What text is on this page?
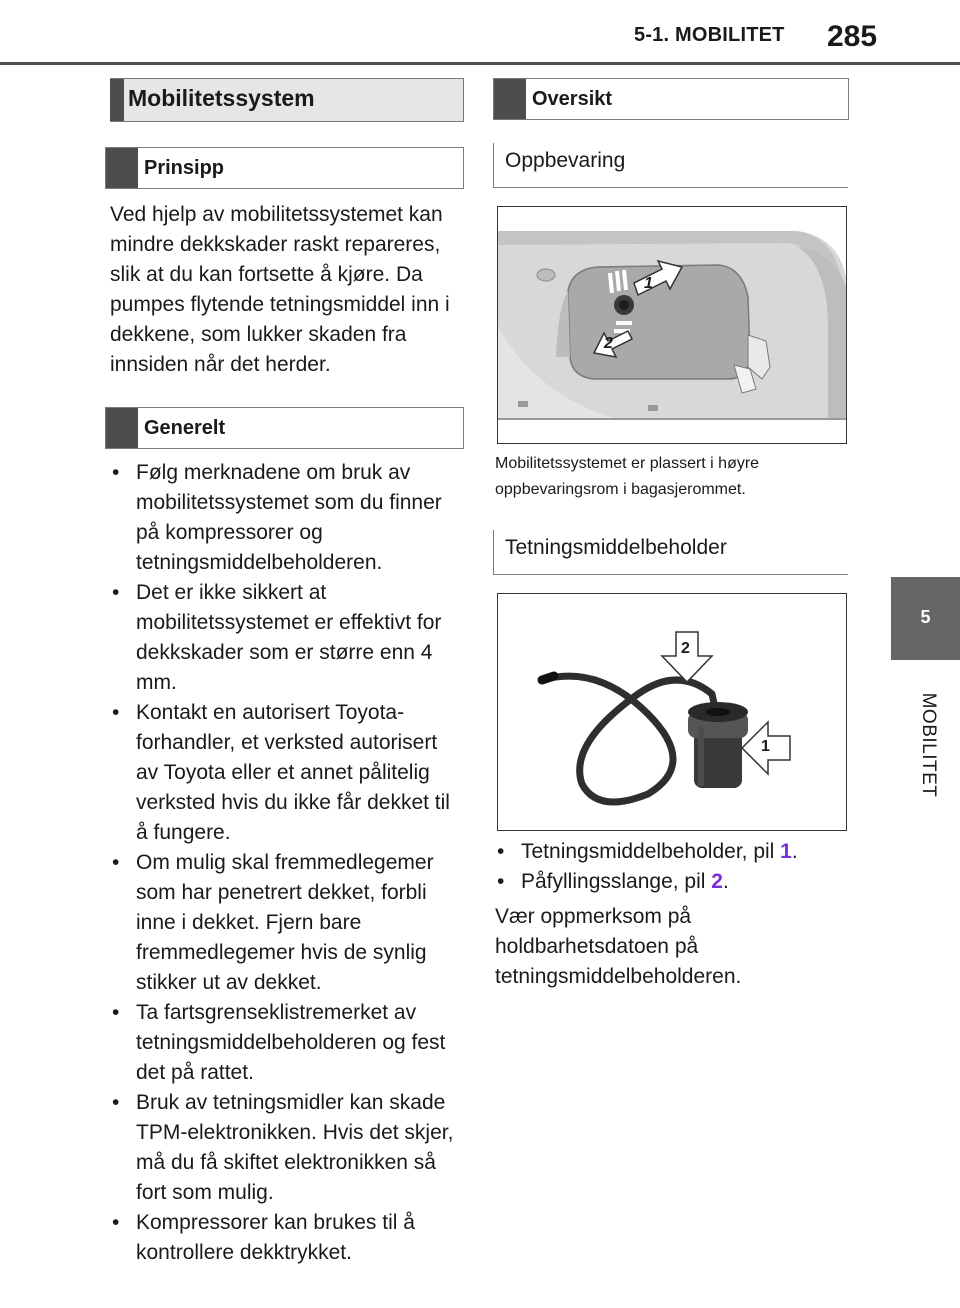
5-1. MOBILITET 285
5
MOBILITET
Mobilitetssystem
Prinsipp

Ved hjelp av mobilitetssystemet kan mindre dekkskader raskt repareres, slik at du kan fortsette å kjøre. Da pumpes flytende tetningsmiddel inn i dekkene, som lukker skaden fra innsiden når det herder.

Generelt
• Følg merknadene om bruk av mobilitetssystemet som du finner på kompressorer og tetningsmiddelbeholderen.
• Det er ikke sikkert at mobilitetssystemet er effektivt for dekkskader som er større enn 4 mm.
• Kontakt en autorisert Toyota-forhandler, et verksted autorisert av Toyota eller et annet pålitelig verksted hvis du ikke får dekket til å fungere.
• Om mulig skal fremmedlegemer som har penetrert dekket, forbli inne i dekket. Fjern bare fremmedlegemer hvis de synlig stikker ut av dekket.
• Ta fartsgrenseklistremerket av tetningsmiddelbeholderen og fest det på rattet.
• Bruk av tetningsmidler kan skade TPM-elektronikken. Hvis det skjer, må du få skiftet elektronikken så fort som mulig.
• Kompressorer kan brukes til å kontrollere dekktrykket.
Oversikt
Oppbevaring
1
2
Mobilitetssystemet er plassert i høyre oppbevaringsrom i bagasjerommet.
Tetningsmiddelbeholder
2
1
• Tetningsmiddelbeholder, pil 1.
• Påfyllingsslange, pil 2.

Vær oppmerksom på holdbarhetsdatoen på tetningsmiddelbeholderen.
